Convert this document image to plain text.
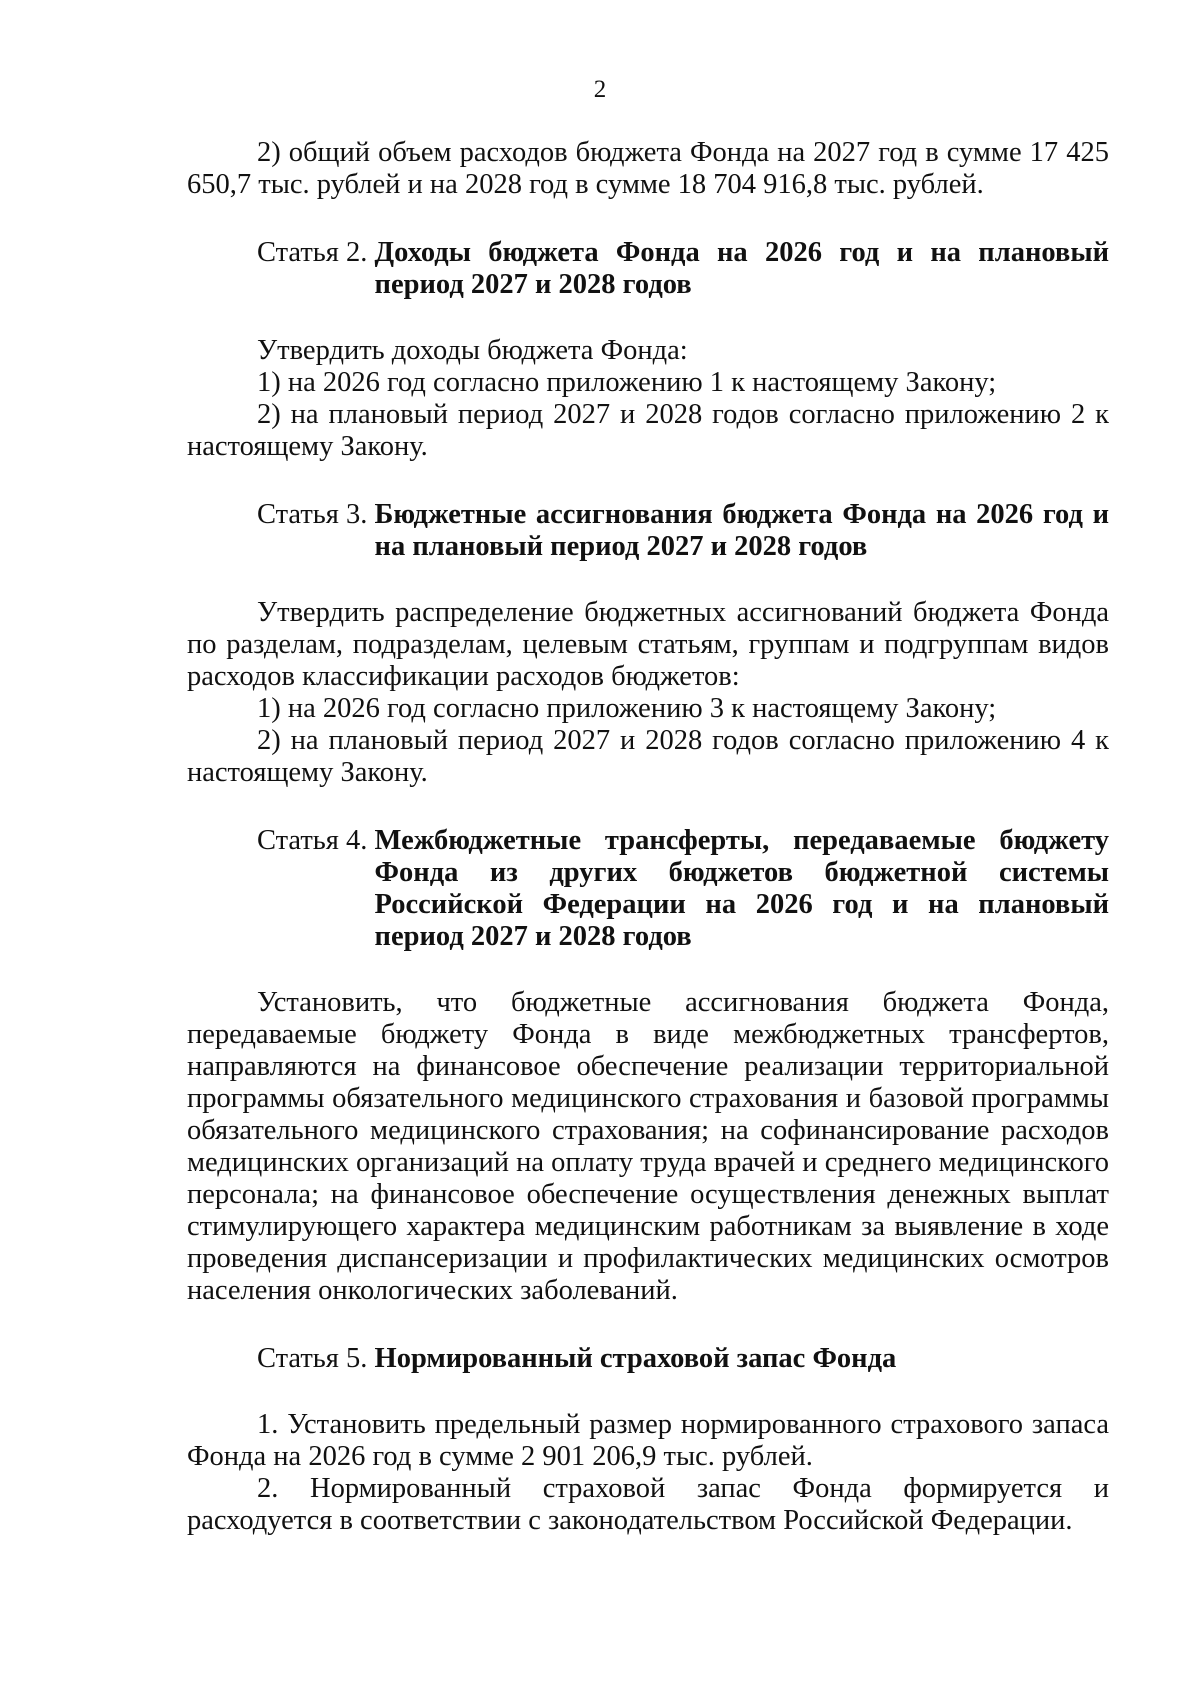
2

2) общий объем расходов бюджета Фонда на 2027 год в сумме 17 425 650,7 тыс. рублей и на 2028 год в сумме 18 704 916,8 тыс. рублей.

Статья 2. Доходы бюджета Фонда на 2026 год и на плановый период 2027 и 2028 годов

Утвердить доходы бюджета Фонда:

1) на 2026 год согласно приложению 1 к настоящему Закону;

2) на плановый период 2027 и 2028 годов согласно приложению 2 к настоящему Закону.

Статья 3. Бюджетные ассигнования бюджета Фонда на 2026 год и на плановый период 2027 и 2028 годов

Утвердить распределение бюджетных ассигнований бюджета Фонда по разделам, подразделам, целевым статьям, группам и подгруппам видов расходов классификации расходов бюджетов:

1) на 2026 год согласно приложению 3 к настоящему Закону;

2) на плановый период 2027 и 2028 годов согласно приложению 4 к настоящему Закону.

Статья 4. Межбюджетные трансферты, передаваемые бюджету Фонда из других бюджетов бюджетной системы Российской Федерации на 2026 год и на плановый период 2027 и 2028 годов

Установить, что бюджетные ассигнования бюджета Фонда, передаваемые бюджету Фонда в виде межбюджетных трансфертов, направляются на финансовое обеспечение реализации территориальной программы обязательного медицинского страхования и базовой программы обязательного медицинского страхования; на софинансирование расходов медицинских организаций на оплату труда врачей и среднего медицинского персонала; на финансовое обеспечение осуществления денежных выплат стимулирующего характера медицинским работникам за выявление в ходе проведения диспансеризации и профилактических медицинских осмотров населения онкологических заболеваний.

Статья 5. Нормированный страховой запас Фонда

1. Установить предельный размер нормированного страхового запаса Фонда на 2026 год в сумме 2 901 206,9 тыс. рублей.

2. Нормированный страховой запас Фонда формируется и расходуется в соответствии с законодательством Российской Федерации.
